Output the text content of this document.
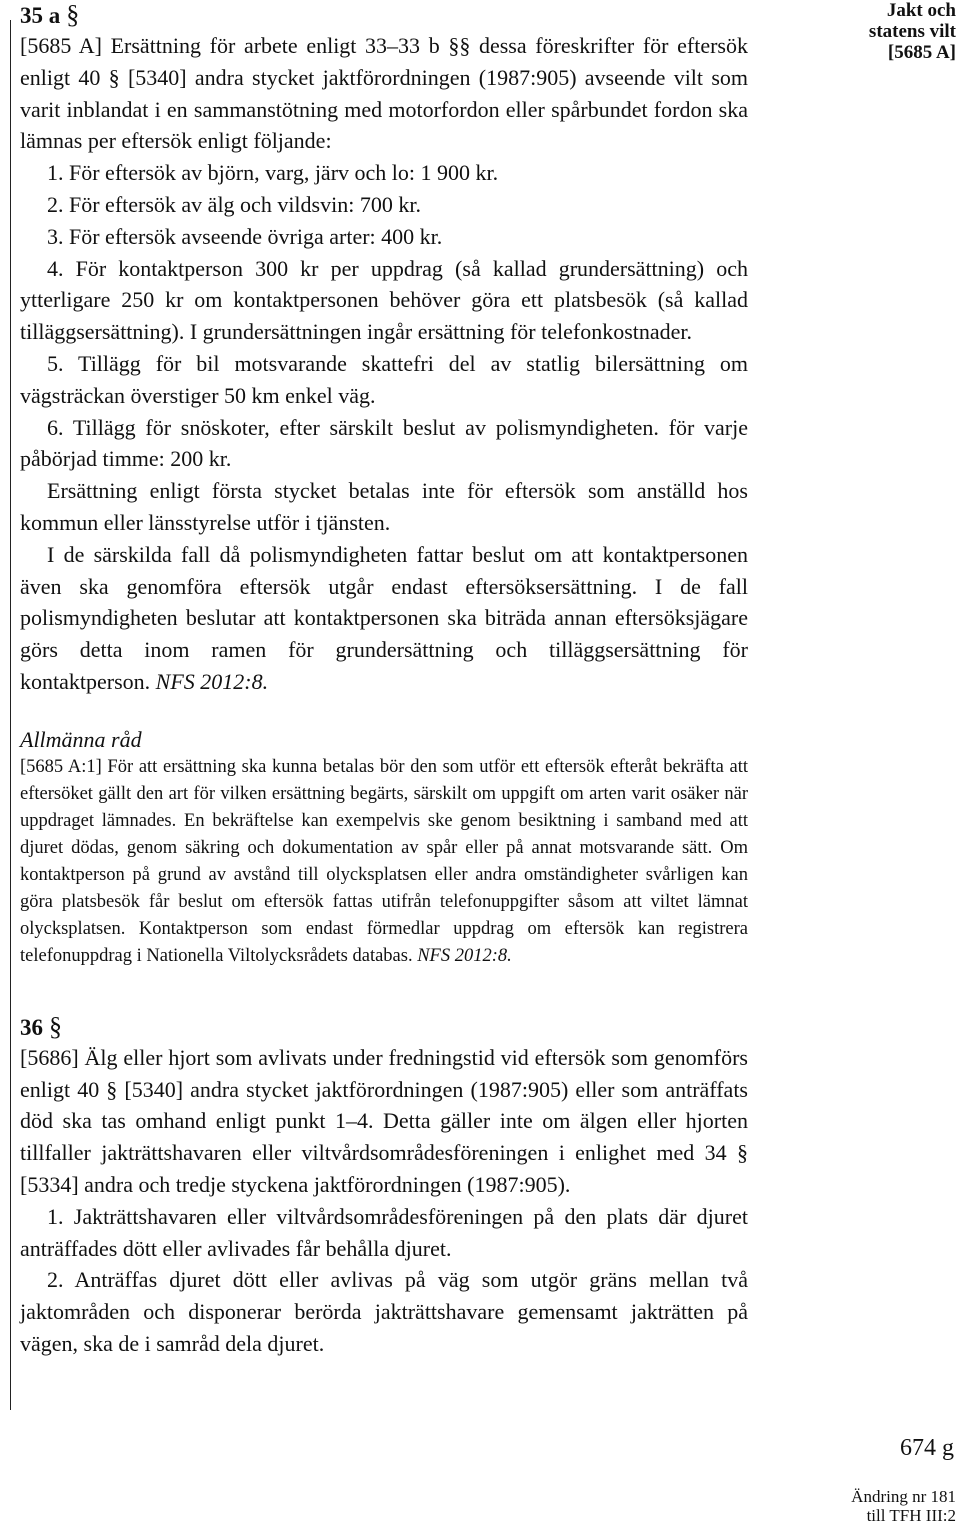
35 a §

[5685 A] Ersättning för arbete enligt 33–33 b §§ dessa föreskrifter för eftersök enligt 40 § [5340] andra stycket jaktförordningen (1987:905) avseende vilt som varit inblandat i en sammanstötning med motorfordon eller spårbundet fordon ska lämnas per eftersök enligt följande:

1. För eftersök av björn, varg, järv och lo: 1 900 kr.

2. För eftersök av älg och vildsvin: 700 kr.

3. För eftersök avseende övriga arter: 400 kr.

4. För kontaktperson 300 kr per uppdrag (så kallad grundersättning) och ytterligare 250 kr om kontaktpersonen behöver göra ett platsbesök (så kallad tilläggsersättning). I grundersättningen ingår ersättning för telefonkostnader.

5. Tillägg för bil motsvarande skattefri del av statlig bilersättning om vägsträckan överstiger 50 km enkel väg.

6. Tillägg för snöskoter, efter särskilt beslut av polismyndigheten. för varje påbörjad timme: 200 kr.

Ersättning enligt första stycket betalas inte för eftersök som anställd hos kommun eller länsstyrelse utför i tjänsten.

I de särskilda fall då polismyndigheten fattar beslut om att kontaktpersonen även ska genomföra eftersök utgår endast eftersöksersättning. I de fall polismyndigheten beslutar att kontaktpersonen ska biträda annan eftersöksjägare görs detta inom ramen för grundersättning och tilläggsersättning för kontaktperson. NFS 2012:8.

Allmänna råd

[5685 A:1] För att ersättning ska kunna betalas bör den som utför ett eftersök efteråt bekräfta att eftersöket gällt den art för vilken ersättning begärts, särskilt om uppgift om arten varit osäker när uppdraget lämnades. En bekräftelse kan exempelvis ske genom besiktning i samband med att djuret dödas, genom säkring och dokumentation av spår eller på annat motsvarande sätt. Om kontaktperson på grund av avstånd till olycksplatsen eller andra omständigheter svårligen kan göra platsbesök får beslut om eftersök fattas utifrån telefonuppgifter såsom att viltet lämnat olycksplatsen. Kontaktperson som endast förmedlar uppdrag om eftersök kan registrera telefonuppdrag i Nationella Viltolycksrådets databas. NFS 2012:8.

36 §

[5686] Älg eller hjort som avlivats under fredningstid vid eftersök som genomförs enligt 40 § [5340] andra stycket jaktförordningen (1987:905) eller som anträffats död ska tas omhand enligt punkt 1–4. Detta gäller inte om älgen eller hjorten tillfaller jakträttshavaren eller viltvårdsområdesföreningen i enlighet med 34 § [5334] andra och tredje styckena jaktförordningen (1987:905).

1. Jakträttshavaren eller viltvårdsområdesföreningen på den plats där djuret anträffades dött eller avlivades får behålla djuret.

2. Anträffas djuret dött eller avlivas på väg som utgör gräns mellan två jaktområden och disponerar berörda jakträttshavare gemensamt jakträtten på vägen, ska de i samråd dela djuret.

Jakt och
statens vilt
[5685 A]
674 g
Ändring nr 181
till TFH III:2
